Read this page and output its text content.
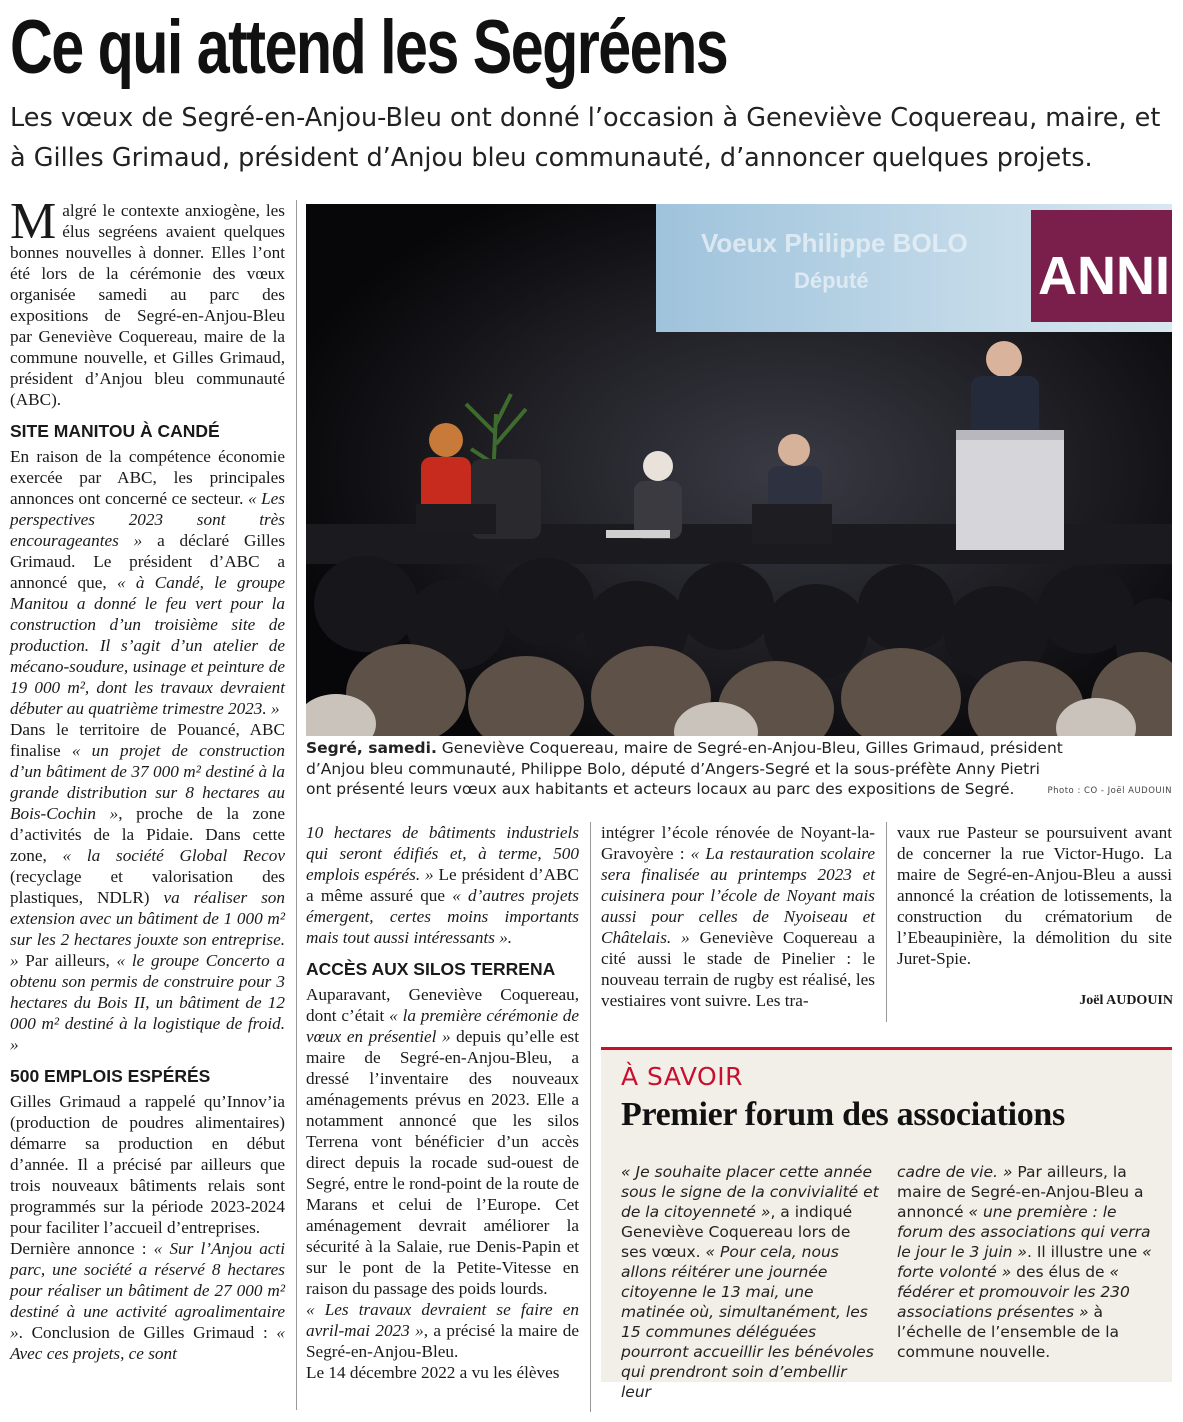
Ce qui attend les Segréens
Les vœux de Segré-en-Anjou-Bleu ont donné l’occasion à Geneviève Coquereau, maire, et à Gilles Grimaud, président d’Anjou bleu communauté, d’annoncer quelques projets.

Malgré le contexte anxiogène, les élus segréens avaient quelques bonnes nouvelles à donner. Elles l’ont été lors de la cérémonie des vœux organisée samedi au parc des expositions de Segré-en-Anjou-Bleu par Geneviève Coquereau, maire de la commune nouvelle, et Gilles Grimaud, président d’Anjou bleu communauté (ABC).

SITE MANITOU À CANDÉ

En raison de la compétence économie exercée par ABC, les principales annonces ont concerné ce secteur. « Les perspectives 2023 sont très encourageantes » a déclaré Gilles Grimaud. Le président d’ABC a annoncé que, « à Candé, le groupe Manitou a donné le feu vert pour la construction d’un troisième site de production. Il s’agit d’un atelier de mécano-soudure, usinage et peinture de 19 000 m², dont les travaux devraient débuter au quatrième trimestre 2023. »

Dans le territoire de Pouancé, ABC finalise « un projet de construction d’un bâtiment de 37 000 m² destiné à la grande distribution sur 8 hectares au Bois-Cochin », proche de la zone d’activités de la Pidaie. Dans cette zone, « la société Global Recov (recyclage et valorisation des plastiques, NDLR) va réaliser son extension avec un bâtiment de 1 000 m² sur les 2 hectares jouxte son entreprise. » Par ailleurs, « le groupe Concerto a obtenu son permis de construire pour 3 hectares du Bois II, un bâtiment de 12 000 m² destiné à la logistique de froid. »

500 EMPLOIS ESPÉRÉS

Gilles Grimaud a rappelé qu’Innov’ia (production de poudres alimentaires) démarre sa production en début d’année. Il a précisé par ailleurs que trois nouveaux bâtiments relais sont programmés sur la période 2023-2024 pour faciliter l’accueil d’entreprises.

Dernière annonce : « Sur l’Anjou acti parc, une société a réservé 8 hectares pour réaliser un bâtiment de 27 000 m² destiné à une activité agroalimentaire ». Conclusion de Gilles Grimaud : « Avec ces projets, ce sont

Voeux Philippe BOLO
Député	ANNI
Segré, samedi. Geneviève Coquereau, maire de Segré-en-Anjou-Bleu, Gilles Grimaud, président d’Anjou bleu communauté, Philippe Bolo, député d’Angers-Segré et la sous-préfète Anny Pietri ont présenté leurs vœux aux habitants et acteurs locaux au parc des expositions de Segré.	Photo : CO - Joël AUDOUIN

10 hectares de bâtiments industriels qui seront édifiés et, à terme, 500 emplois espérés. » Le président d’ABC a même assuré que « d’autres projets émergent, certes moins importants mais tout aussi intéressants ».

ACCÈS AUX SILOS TERRENA

Auparavant, Geneviève Coquereau, dont c’était « la première cérémonie de vœux en présentiel » depuis qu’elle est maire de Segré-en-Anjou-Bleu, a dressé l’inventaire des nouveaux aménagements prévus en 2023. Elle a notamment annoncé que les silos Terrena vont bénéficier d’un accès direct depuis la rocade sud-ouest de Segré, entre le rond-point de la route de Marans et celui de l’Europe. Cet aménagement devrait améliorer la sécurité à la Salaie, rue Denis-Papin et sur le pont de la Petite-Vitesse en raison du passage des poids lourds.

« Les travaux devraient se faire en avril-mai 2023 », a précisé la maire de Segré-en-Anjou-Bleu.

Le 14 décembre 2022 a vu les élèves

intégrer l’école rénovée de Noyant-la-Gravoyère : « La restauration scolaire sera finalisée au printemps 2023 et cuisinera pour l’école de Noyant mais aussi pour celles de Nyoiseau et Châtelais. » Geneviève Coquereau a cité aussi le stade de Pinelier : le nouveau terrain de rugby est réalisé, les vestiaires vont suivre. Les tra-

vaux rue Pasteur se poursuivent avant de concerner la rue Victor-Hugo. La maire de Segré-en-Anjou-Bleu a aussi annoncé la création de lotissements, la construction du crématorium de l’Ebeaupinière, la démolition du site Juret-Spie.

Joël AUDOUIN
À SAVOIR
Premier forum des associations
« Je souhaite placer cette année sous le signe de la convivialité et de la citoyenneté », a indiqué Geneviève Coquereau lors de ses vœux. « Pour cela, nous allons réitérer une journée citoyenne le 13 mai, une matinée où, simultanément, les 15 communes déléguées pourront accueillir les bénévoles qui prendront soin d’embellir leur
cadre de vie. » Par ailleurs, la maire de Segré-en-Anjou-Bleu a annoncé « une première : le forum des associations qui verra le jour le 3 juin ». Il illustre une « forte volonté » des élus de « fédérer et promouvoir les 230 associations présentes » à l’échelle de l’ensemble de la commune nouvelle.
